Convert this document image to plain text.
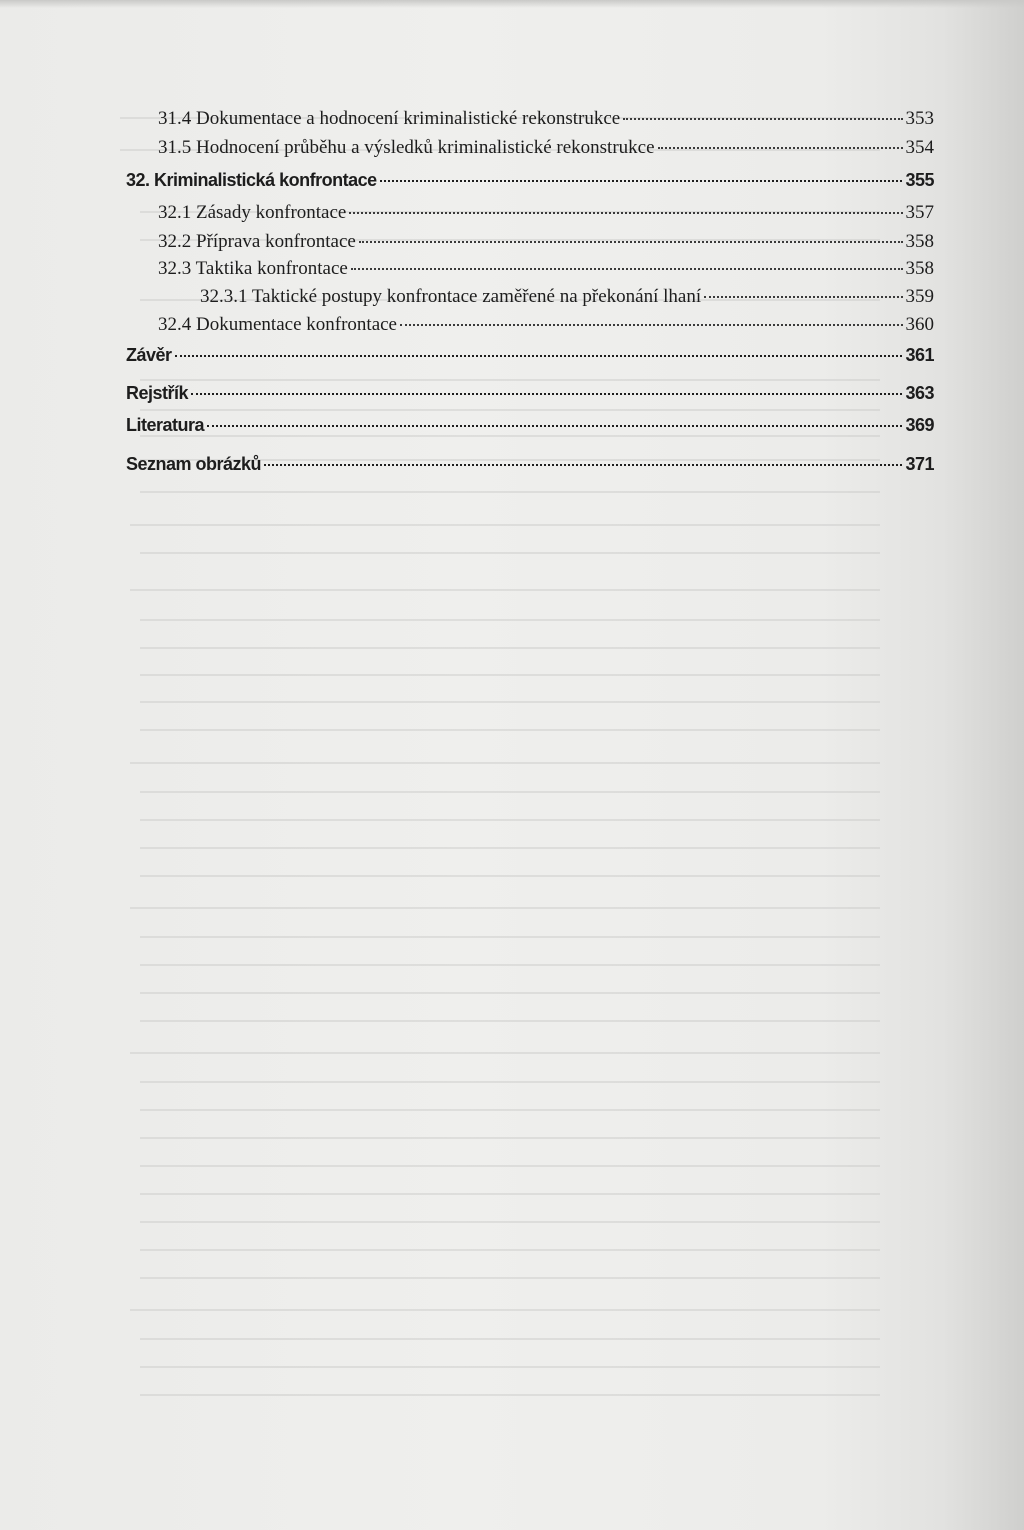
31.4 Dokumentace a hodnocení kriminalistické rekonstrukce	353
31.5 Hodnocení průběhu a výsledků kriminalistické rekonstrukce	354
32. Kriminalistická konfrontace	355
32.1 Zásady konfrontace	357
32.2 Příprava konfrontace	358
32.3 Taktika konfrontace	358
32.3.1 Taktické postupy konfrontace zaměřené na překonání lhaní	359
32.4 Dokumentace konfrontace	360
Závěr	361
Rejstřík	363
Literatura	369
Seznam obrázků	371
